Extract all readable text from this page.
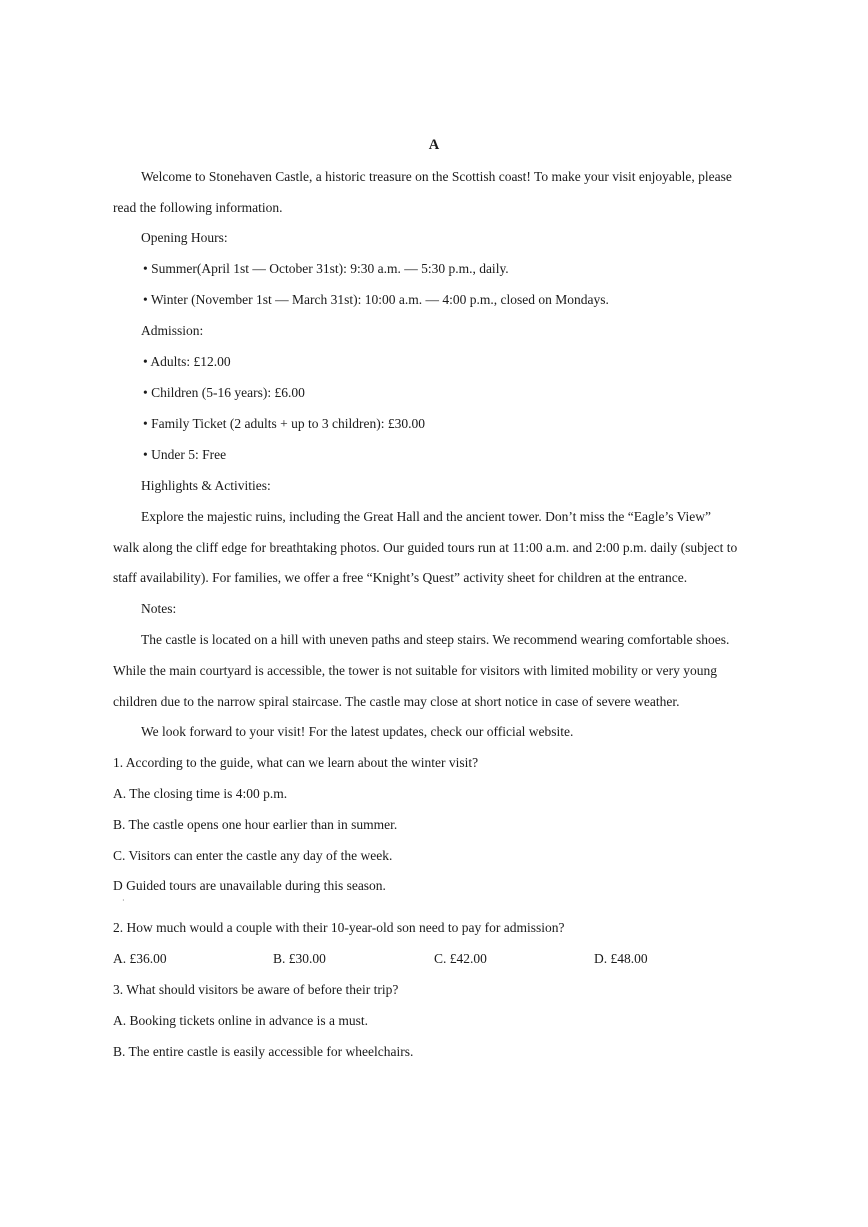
A
Welcome to Stonehaven Castle, a historic treasure on the Scottish coast! To make your visit enjoyable, please
read the following information.
Opening Hours:
• Summer(April 1st — October 31st): 9:30 a.m. — 5:30 p.m., daily.
• Winter (November 1st — March 31st): 10:00 a.m. — 4:00 p.m., closed on Mondays.
Admission:
• Adults: £12.00
• Children (5-16 years): £6.00
• Family Ticket (2 adults + up to 3 children): £30.00
• Under 5: Free
Highlights & Activities:
Explore the majestic ruins, including the Great Hall and the ancient tower. Don’t miss the “Eagle’s View”
walk along the cliff edge for breathtaking photos. Our guided tours run at 11:00 a.m. and 2:00 p.m. daily (subject to
staff availability). For families, we offer a free “Knight’s Quest” activity sheet for children at the entrance.
Notes:
The castle is located on a hill with uneven paths and steep stairs. We recommend wearing comfortable shoes.
While the main courtyard is accessible, the tower is not suitable for visitors with limited mobility or very young
children due to the narrow spiral staircase. The castle may close at short notice in case of severe weather.
We look forward to your visit! For the latest updates, check our official website.
1. According to the guide, what can we learn about the winter visit?
A. The closing time is 4:00 p.m.
B. The castle opens one hour earlier than in summer.
C. Visitors can enter the castle any day of the week.
D Guided tours are unavailable during this season.
·
2. How much would a couple with their 10-year-old son need to pay for admission?
A. £36.00	B. £30.00	C. £42.00	D. £48.00
3. What should visitors be aware of before their trip?
A. Booking tickets online in advance is a must.
B. The entire castle is easily accessible for wheelchairs.
